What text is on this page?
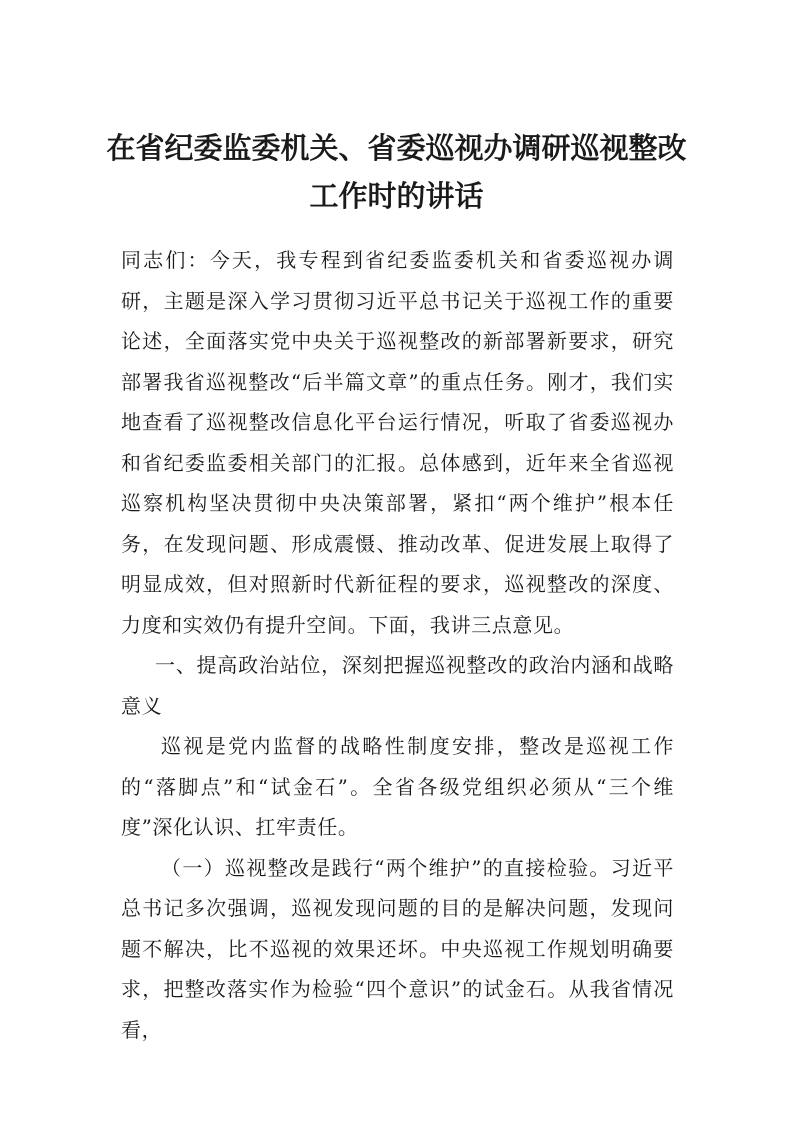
在省纪委监委机关、省委巡视办调研巡视整改工作时的讲话

同志们：今天，我专程到省纪委监委机关和省委巡视办调研，主题是深入学习贯彻习近平总书记关于巡视工作的重要论述，全面落实党中央关于巡视整改的新部署新要求，研究部署我省巡视整改“后半篇文章”的重点任务。刚才，我们实地查看了巡视整改信息化平台运行情况，听取了省委巡视办和省纪委监委相关部门的汇报。总体感到，近年来全省巡视巡察机构坚决贯彻中央决策部署，紧扣“两个维护”根本任务，在发现问题、形成震慑、推动改革、促进发展上取得了明显成效，但对照新时代新征程的要求，巡视整改的深度、力度和实效仍有提升空间。下面，我讲三点意见。

一、提高政治站位，深刻把握巡视整改的政治内涵和战略意义

巡视是党内监督的战略性制度安排，整改是巡视工作的“落脚点”和“试金石”。全省各级党组织必须从“三个维度”深化认识、扛牢责任。

（一）巡视整改是践行“两个维护”的直接检验。习近平总书记多次强调，巡视发现问题的目的是解决问题，发现问题不解决，比不巡视的效果还坏。中央巡视工作规划明确要求，把整改落实作为检验“四个意识”的试金石。从我省情况看，
